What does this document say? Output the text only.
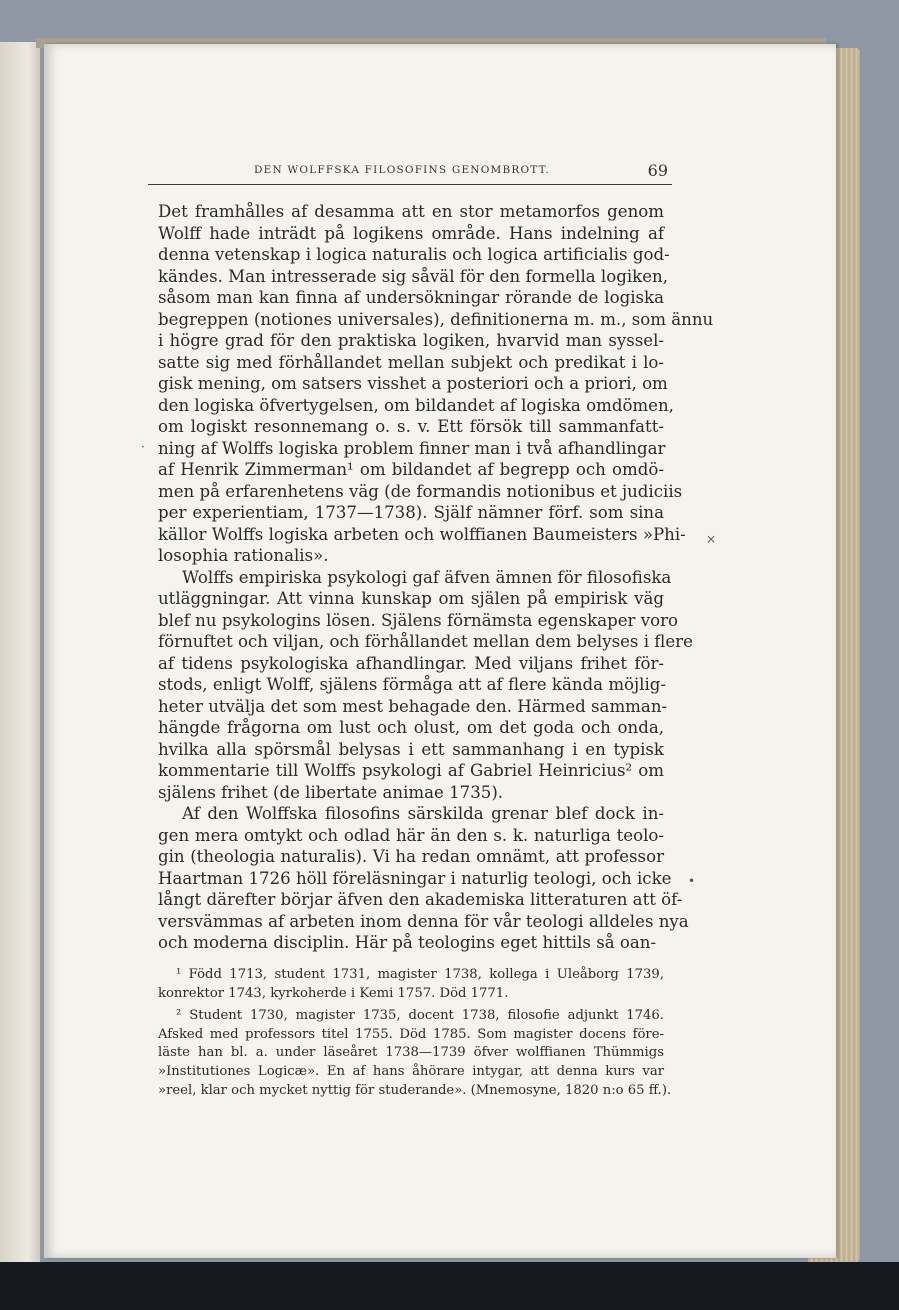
DEN WOLFFSKA FILOSOFINS GENOMBROTT.	69
Det framhålles af desamma att en stor metamorfos genom
Wolff hade inträdt på logikens område. Hans indelning af
denna vetenskap i logica naturalis och logica artificialis god-
kändes. Man intresserade sig såväl för den formella logiken,
såsom man kan finna af undersökningar rörande de logiska
begreppen (notiones universales), definitionerna m. m., som ännu
i högre grad för den praktiska logiken, hvarvid man syssel-
satte sig med förhållandet mellan subjekt och predikat i lo-
gisk mening, om satsers visshet a posteriori och a priori, om
den logiska öfvertygelsen, om bildandet af logiska omdömen,
om logiskt resonnemang o. s. v. Ett försök till sammanfatt-
ning af Wolffs logiska problem finner man i två afhandlingar
af Henrik Zimmerman¹ om bildandet af begrepp och omdö-
men på erfarenhetens väg (de formandis notionibus et judiciis
per experientiam, 1737—1738). Själf nämner förf. som sina
källor Wolffs logiska arbeten och wolffianen Baumeisters »Phi-
losophia rationalis».
Wolffs empiriska psykologi gaf äfven ämnen för filosofiska
utläggningar. Att vinna kunskap om själen på empirisk väg
blef nu psykologins lösen. Själens förnämsta egenskaper voro
förnuftet och viljan, och förhållandet mellan dem belyses i flere
af tidens psykologiska afhandlingar. Med viljans frihet för-
stods, enligt Wolff, själens förmåga att af flere kända möjlig-
heter utvälja det som mest behagade den. Härmed samman-
hängde frågorna om lust och olust, om det goda och onda,
hvilka alla spörsmål belysas i ett sammanhang i en typisk
kommentarie till Wolffs psykologi af Gabriel Heinricius² om
själens frihet (de libertate animae 1735).
Af den Wolffska filosofins särskilda grenar blef dock in-
gen mera omtykt och odlad här än den s. k. naturliga teolo-
gin (theologia naturalis). Vi ha redan omnämt, att professor
Haartman 1726 höll föreläsningar i naturlig teologi, och icke
långt därefter börjar äfven den akademiska litteraturen att öf-
versvämmas af arbeten inom denna för vår teologi alldeles nya
och moderna disciplin. Här på teologins eget hittils så oan-
¹ Född 1713, student 1731, magister 1738, kollega i Uleåborg 1739,
konrektor 1743, kyrkoherde i Kemi 1757. Död 1771.
² Student 1730, magister 1735, docent 1738, filosofie adjunkt 1746.
Afsked med professors titel 1755. Död 1785. Som magister docens före-
läste han bl. a. under läseåret 1738—1739 öfver wolffianen Thümmigs
»Institutiones Logicæ». En af hans åhörare intygar, att denna kurs var
»reel, klar och mycket nyttig för studerande». (Mnemosyne, 1820 n:o 65 ff.).
·
×
•
